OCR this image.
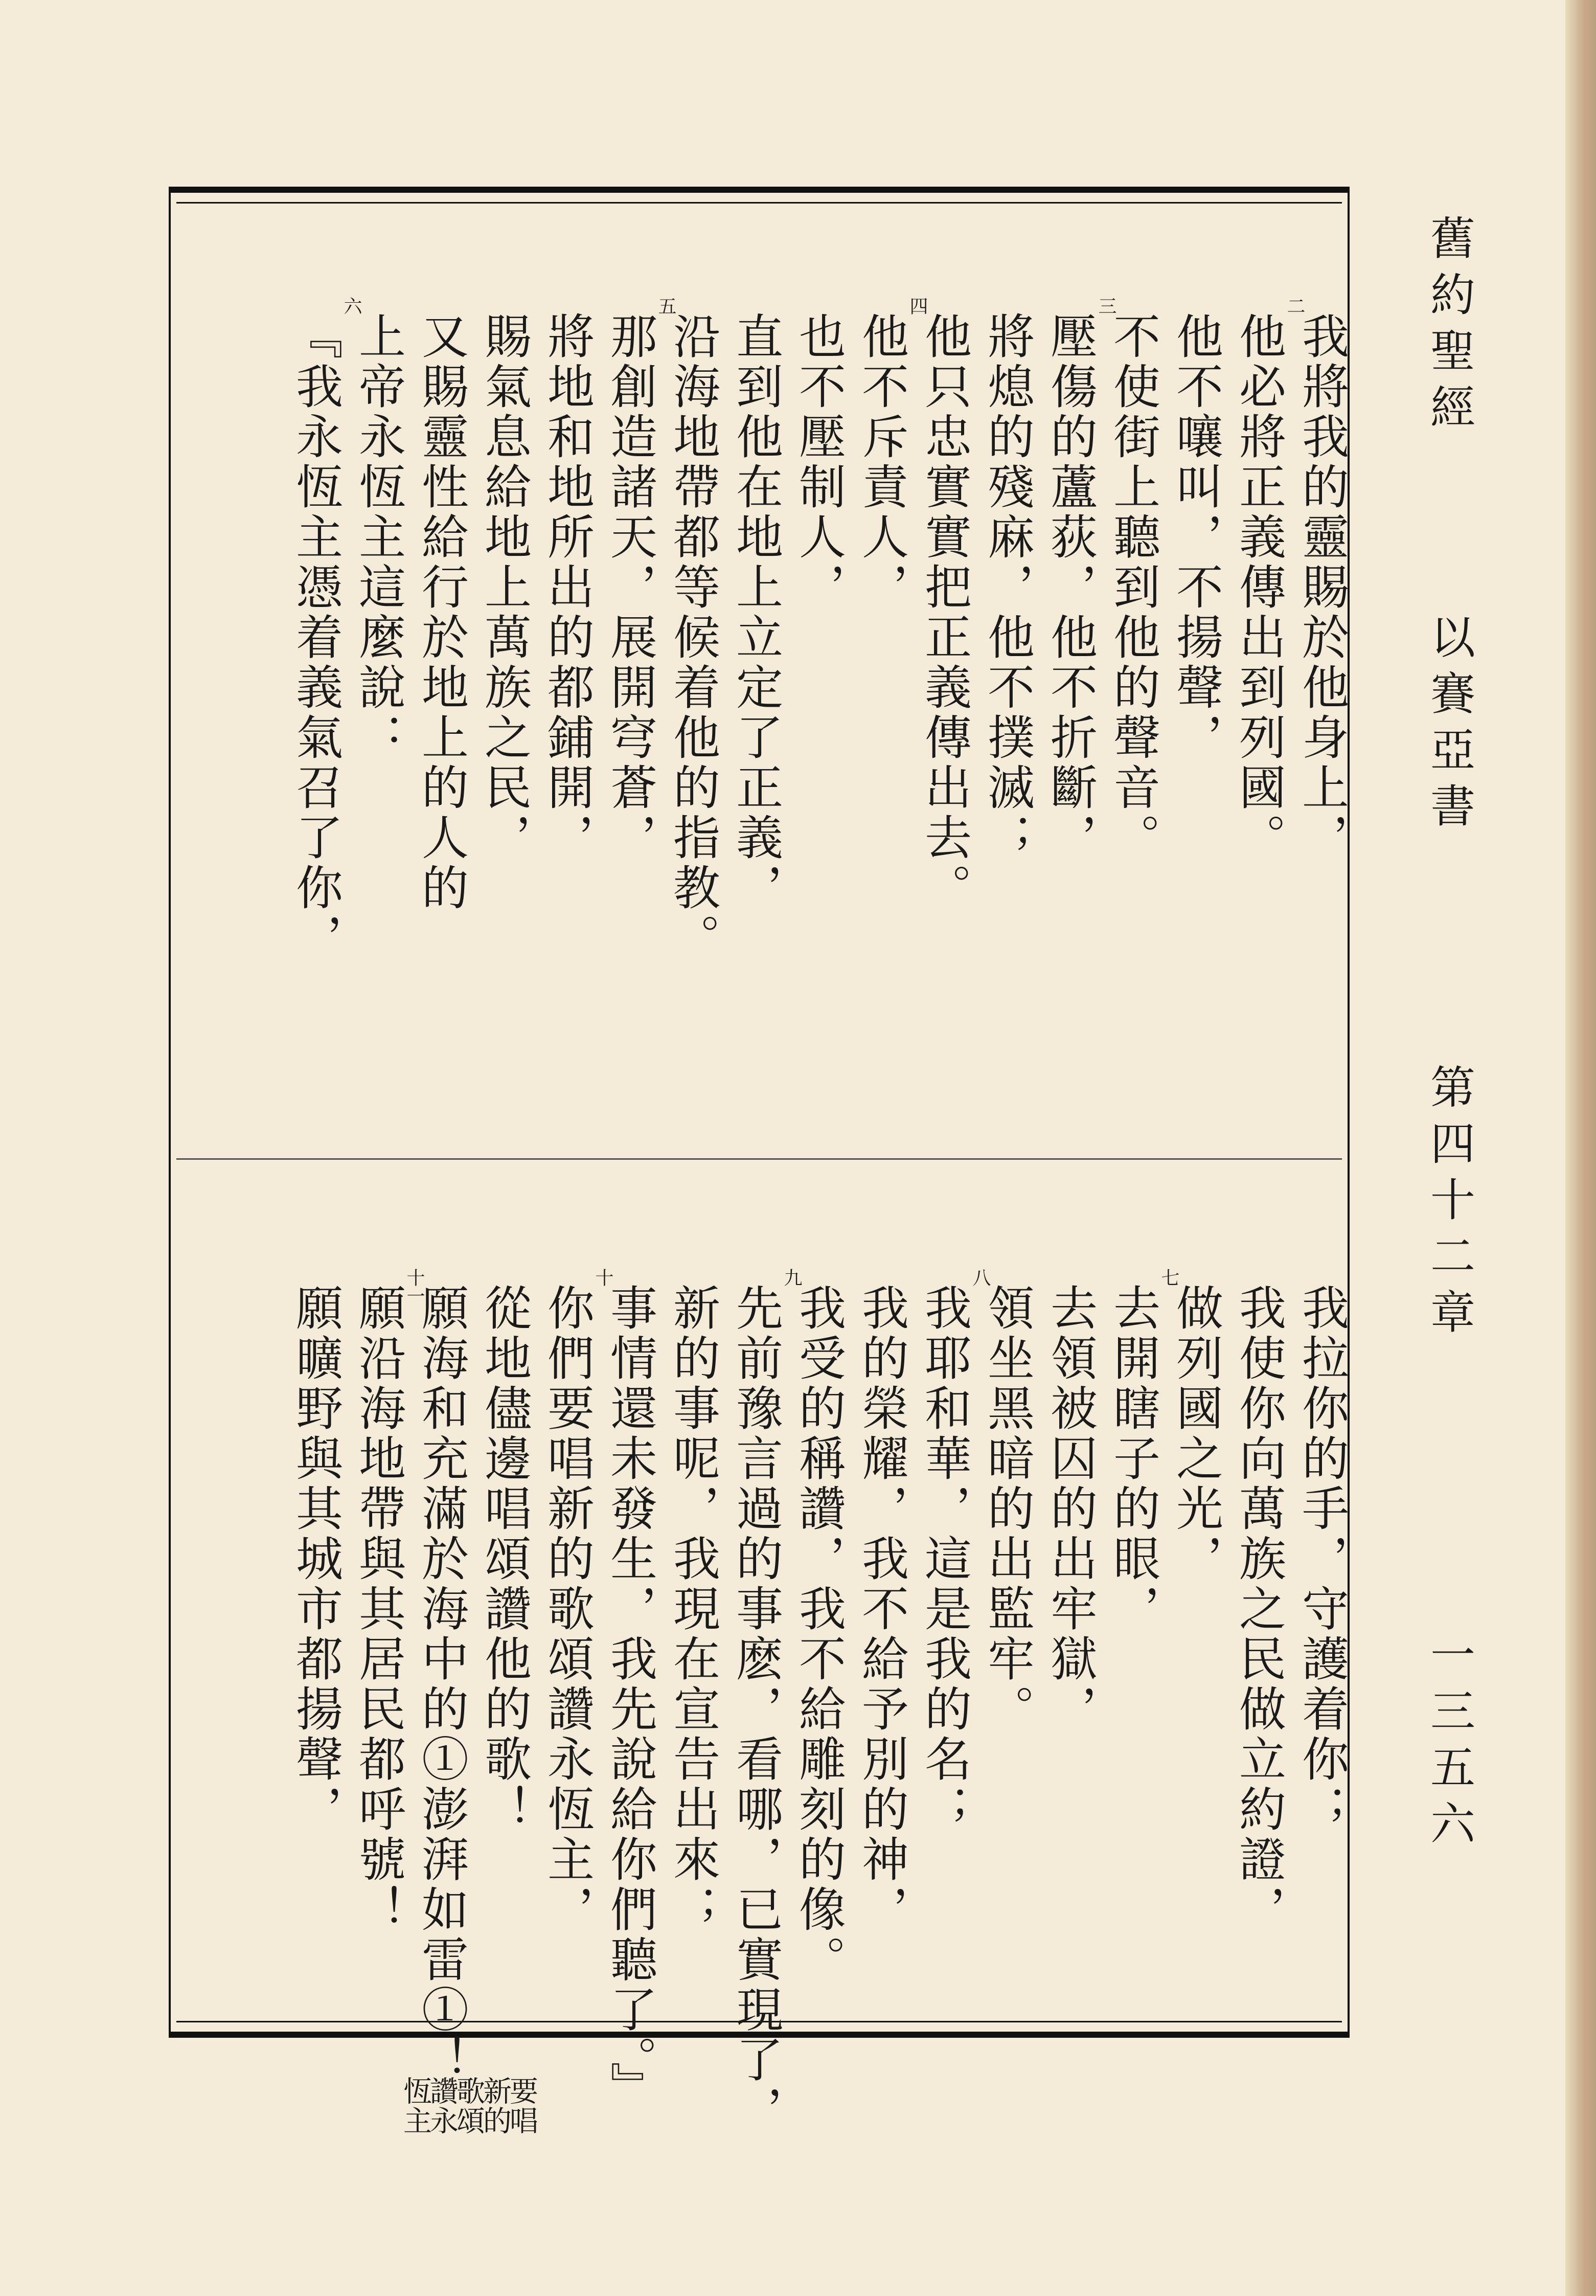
舊約聖經
以賽亞書
第四十二章
一三五六
我將我的靈賜於他身上，
他必將正義傳出到列國。
他不嚷叫，不揚聲，
不使街上聽到他的聲音。
壓傷的蘆荻，他不折斷，
將熄的殘麻，他不撲滅；
他只忠實實把正義傳出去。
他不斥責人，
也不壓制人，
直到他在地上立定了正義，
沿海地帶都等候着他的指教。
那創造諸天，展開穹蒼，
將地和地所出的都鋪開，
賜氣息給地上萬族之民，
又賜靈性給行於地上的人的
上帝永恆主這麼說：
『我永恆主憑着義氣召了你，
二
三
四
五
六
我拉你的手，守護着你；
我使你向萬族之民做立約證，
做列國之光，
去開瞎子的眼，
去領被囚的出牢獄，
領坐黑暗的出監牢。
我耶和華，這是我的名；
我的榮耀，我不給予別的神，
我受的稱讚，我不給雕刻的像。
先前豫言過的事麽，看哪，已實現了，
新的事呢，我現在宣告出來；
事情還未發生，我先說給你們聽了。』
你們要唱新的歌頌讚永恆主，
從地儘邊唱頌讚他的歌！
願海和充滿於海中的①澎湃如雷①！
願沿海地帶與其居民都呼號！
願曠野與其城市都揚聲，
七
八
九
十
十一
要唱
新的
歌頌
讚永
恆主
